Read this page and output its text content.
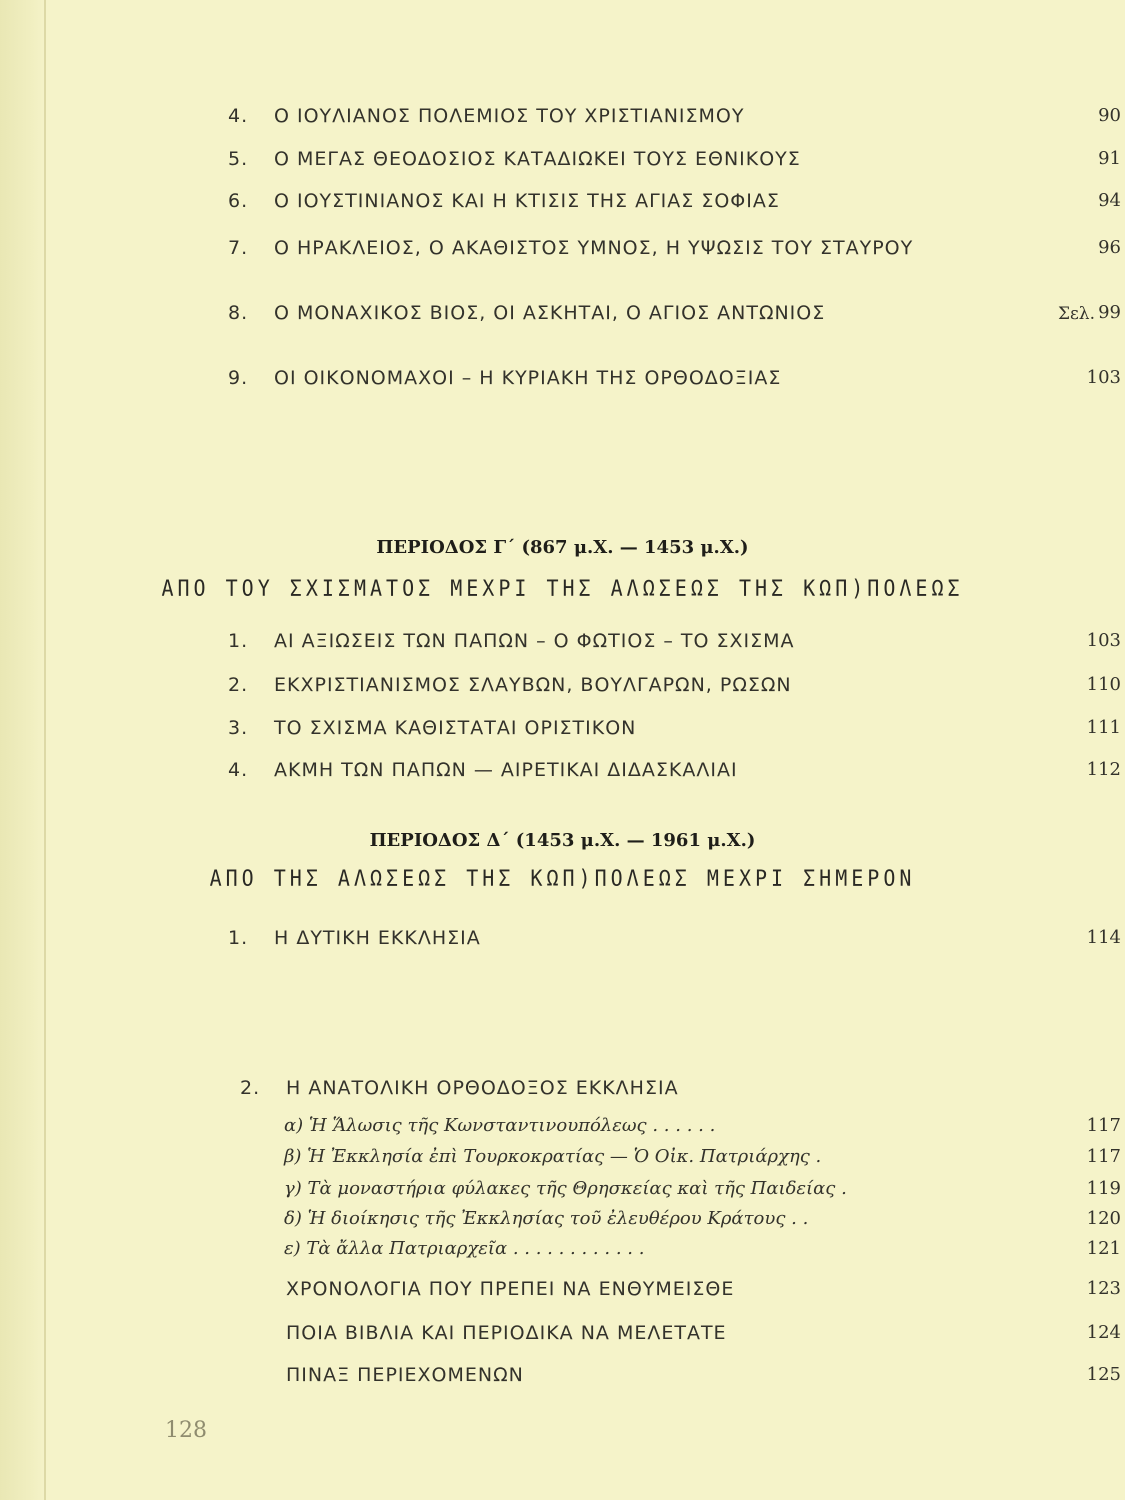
4.	Ο ΙΟΥΛΙΑΝΟΣ ΠΟΛΕΜΙΟΣ ΤΟΥ ΧΡΙΣΤΙΑΝΙΣΜΟΥ	90
5.	Ο ΜΕΓΑΣ ΘΕΟΔΟΣΙΟΣ ΚΑΤΑΔΙΩΚΕΙ ΤΟΥΣ ΕΘΝΙΚΟΥΣ	91
6.	Ο ΙΟΥΣΤΙΝΙΑΝΟΣ ΚΑΙ Η ΚΤΙΣΙΣ ΤΗΣ ΑΓΙΑΣ ΣΟΦΙΑΣ	94
7.	Ο ΗΡΑΚΛΕΙΟΣ, Ο ΑΚΑΘΙΣΤΟΣ ΥΜΝΟΣ, Η ΥΨΩΣΙΣ ΤΟΥ ΣΤΑΥΡΟΥ	96
8.	Ο ΜΟΝΑΧΙΚΟΣ ΒΙΟΣ, ΟΙ ΑΣΚΗΤΑΙ, Ο ΑΓΙΟΣ ΑΝΤΩΝΙΟΣ	Σελ. 99
9.	ΟΙ ΟΙΚΟΝΟΜΑΧΟΙ – Η ΚΥΡΙΑΚΗ ΤΗΣ ΟΡΘΟΔΟΞΙΑΣ	103
ΠΕΡΙΟΔΟΣ Γ΄ (867 μ.Χ. — 1453 μ.Χ.)
ΑΠΟ ΤΟΥ ΣΧΙΣΜΑΤΟΣ ΜΕΧΡΙ ΤΗΣ ΑΛΩΣΕΩΣ ΤΗΣ ΚΩΠ)ΠΟΛΕΩΣ
1.	ΑΙ ΑΞΙΩΣΕΙΣ ΤΩΝ ΠΑΠΩΝ – Ο ΦΩΤΙΟΣ – ΤΟ ΣΧΙΣΜΑ	103
2.	ΕΚΧΡΙΣΤΙΑΝΙΣΜΟΣ ΣΛΑΥΒΩΝ, ΒΟΥΛΓΑΡΩΝ, ΡΩΣΩΝ	110
3.	ΤΟ ΣΧΙΣΜΑ ΚΑΘΙΣΤΑΤΑΙ ΟΡΙΣΤΙΚΟΝ	111
4.	ΑΚΜΗ ΤΩΝ ΠΑΠΩΝ — ΑΙΡΕΤΙΚΑΙ ΔΙΔΑΣΚΑΛΙΑΙ	112
ΠΕΡΙΟΔΟΣ Δ΄ (1453 μ.Χ. — 1961 μ.Χ.)
ΑΠΟ ΤΗΣ ΑΛΩΣΕΩΣ ΤΗΣ ΚΩΠ)ΠΟΛΕΩΣ ΜΕΧΡΙ ΣΗΜΕΡΟΝ
1.	Η ΔΥΤΙΚΗ ΕΚΚΛΗΣΙΑ	114
2.	Η ΑΝΑΤΟΛΙΚΗ ΟΡΘΟΔΟΞΟΣ ΕΚΚΛΗΣΙΑ
α) Ἡ Ἅλωσις τῆς Κωνσταντινουπόλεως . . . . . .	117
β) Ἡ Ἐκκλησία ἐπὶ Τουρκοκρατίας — Ὁ Οἰκ. Πατριάρχης .	117
γ) Τὰ μοναστήρια φύλακες τῆς Θρησκείας καὶ τῆς Παιδείας .	119
δ) Ἡ διοίκησις τῆς Ἐκκλησίας τοῦ ἐλευθέρου Κράτους . .	120
ε) Τὰ ἄλλα Πατριαρχεῖα . . . . . . . . . . . .	121
ΧΡΟΝΟΛΟΓΙΑ ΠΟΥ ΠΡΕΠΕΙ ΝΑ ΕΝΘΥΜΕΙΣΘΕ	123
ΠΟΙΑ ΒΙΒΛΙΑ ΚΑΙ ΠΕΡΙΟΔΙΚΑ ΝΑ ΜΕΛΕΤΑΤΕ	124
ΠΙΝΑΞ ΠΕΡΙΕΧΟΜΕΝΩΝ	125
128
